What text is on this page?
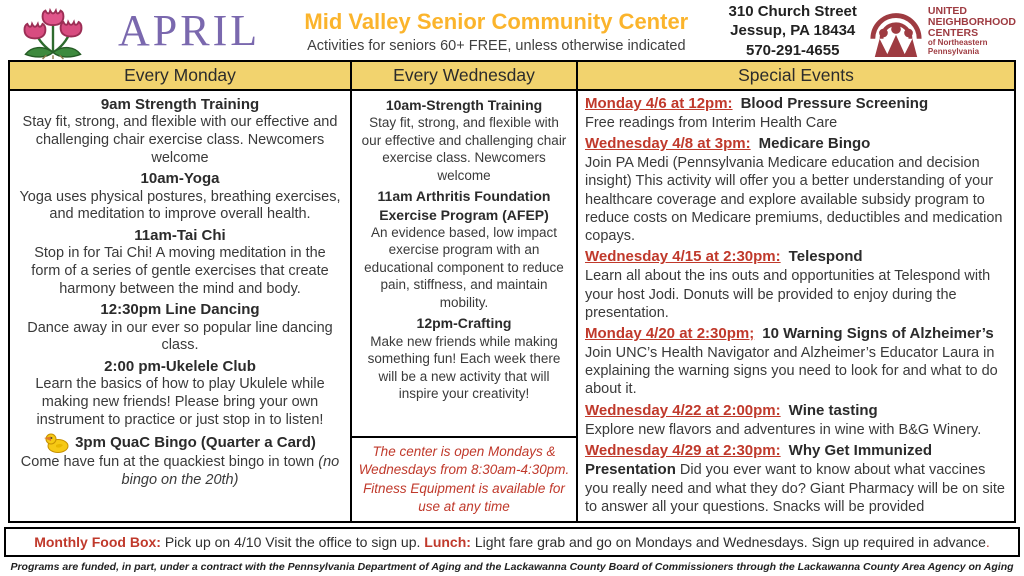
APRIL	Mid Valley Senior Community Center
Activities for seniors 60+ FREE, unless otherwise indicated
310 Church Street
Jessup, PA 18434
570-291-4655
UNITED
NEIGHBORHOOD
CENTERS
of Northeastern
Pennsylvania
Every Monday	Every Wednesday	Special Events
9am Strength Training
Stay fit, strong, and flexible with our effective and challenging chair exercise class. Newcomers welcome
10am-Yoga
Yoga uses physical postures, breathing exercises, and meditation to improve overall health.
11am-Tai Chi
Stop in for Tai Chi! A moving meditation in the form of a series of gentle exercises that create harmony between the mind and body.
12:30pm Line Dancing
Dance away in our ever so popular line dancing class.
2:00 pm-Ukelele Club
Learn the basics of how to play Ukulele while making new friends! Please bring your own instrument to practice or just stop in to listen!
3pm QuaC Bingo (Quarter a Card)
Come have fun at the quackiest bingo in town (no bingo on the 20th)
10am-Strength Training
Stay fit, strong, and flexible with our effective and challenging chair exercise class. Newcomers welcome
11am Arthritis Foundation Exercise Program (AFEP)
An evidence based, low impact exercise program with an educational component to reduce pain, stiffness, and maintain mobility.
12pm-Crafting
Make new friends while making something fun! Each week there will be a new activity that will inspire your creativity!
The center is open Mondays & Wednesdays from 8:30am-4:30pm. Fitness Equipment is available for use at any time
Monday 4/6 at 12pm: Blood Pressure Screening
Free readings from Interim Health Care
Wednesday 4/8 at 3pm: Medicare Bingo
Join PA Medi (Pennsylvania Medicare education and decision insight) This activity will offer you a better understanding of your healthcare coverage and explore available subsidy program to reduce costs on Medicare premiums, deductibles and medication copays.
Wednesday 4/15 at 2:30pm: Telespond
Learn all about the ins outs and opportunities at Telespond with your host Jodi. Donuts will be provided to enjoy during the presentation.
Monday 4/20 at 2:30pm; 10 Warning Signs of Alzheimer’s
Join UNC’s Health Navigator and Alzheimer’s Educator Laura in explaining the warning signs you need to look for and what to do about it.
Wednesday 4/22 at 2:00pm: Wine tasting
Explore new flavors and adventures in wine with B&G Winery.
Wednesday 4/29 at 2:30pm: Why Get Immunized Presentation Did you ever want to know about what vaccines you really need and what they do? Giant Pharmacy will be on site to answer all your questions. Snacks will be provided
Monthly Food Box: Pick up on 4/10 Visit the office to sign up. Lunch: Light fare grab and go on Mondays and Wednesdays. Sign up required in advance.
Programs are funded, in part, under a contract with the Pennsylvania Department of Aging and the Lackawanna County Board of Commissioners through the Lackawanna County Area Agency on Aging
